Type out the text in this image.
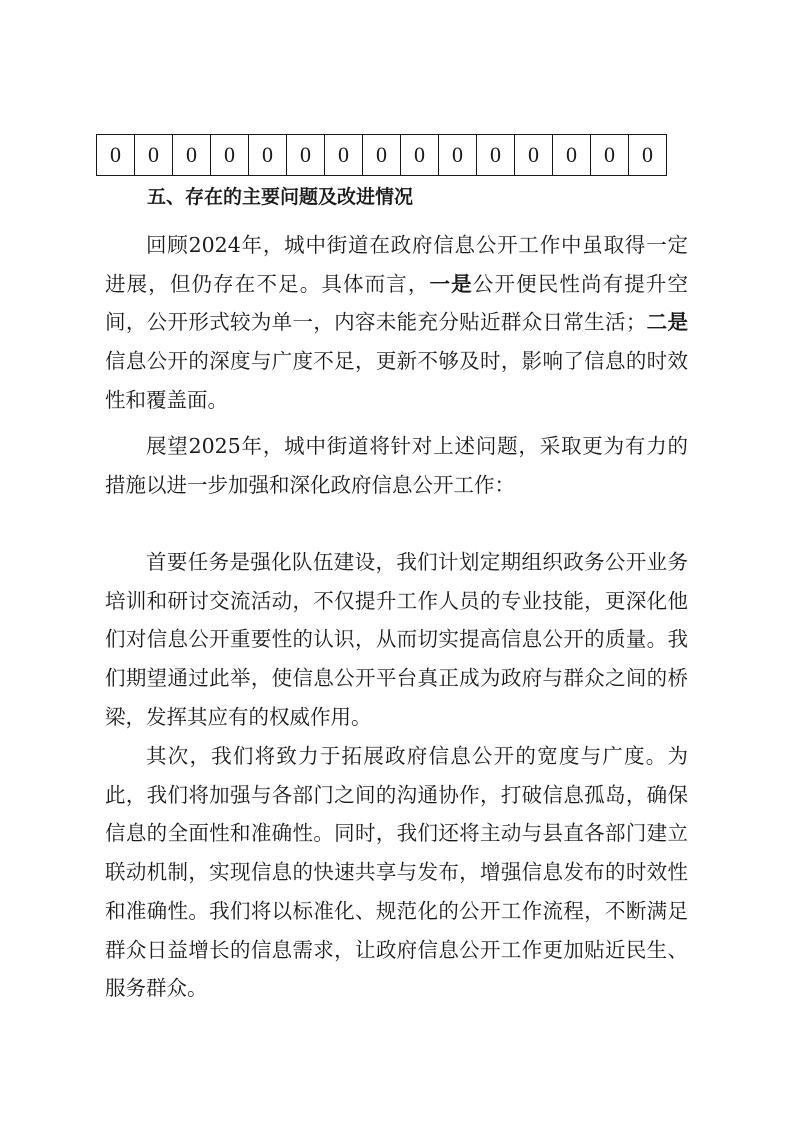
0	0	0	0	0	0	0	0	0	0	0	0	0	0	0
五、存在的主要问题及改进情况

回顾2024年，城中街道在政府信息公开工作中虽取得一定进展，但仍存在不足。具体而言，一是公开便民性尚有提升空间，公开形式较为单一，内容未能充分贴近群众日常生活；二是信息公开的深度与广度不足，更新不够及时，影响了信息的时效性和覆盖面。

展望2025年，城中街道将针对上述问题，采取更为有力的措施以进一步加强和深化政府信息公开工作：

首要任务是强化队伍建设，我们计划定期组织政务公开业务培训和研讨交流活动，不仅提升工作人员的专业技能，更深化他们对信息公开重要性的认识，从而切实提高信息公开的质量。我们期望通过此举，使信息公开平台真正成为政府与群众之间的桥梁，发挥其应有的权威作用。

其次，我们将致力于拓展政府信息公开的宽度与广度。为此，我们将加强与各部门之间的沟通协作，打破信息孤岛，确保信息的全面性和准确性。同时，我们还将主动与县直各部门建立联动机制，实现信息的快速共享与发布，增强信息发布的时效性和准确性。我们将以标准化、规范化的公开工作流程，不断满足群众日益增长的信息需求，让政府信息公开工作更加贴近民生、服务群众。
